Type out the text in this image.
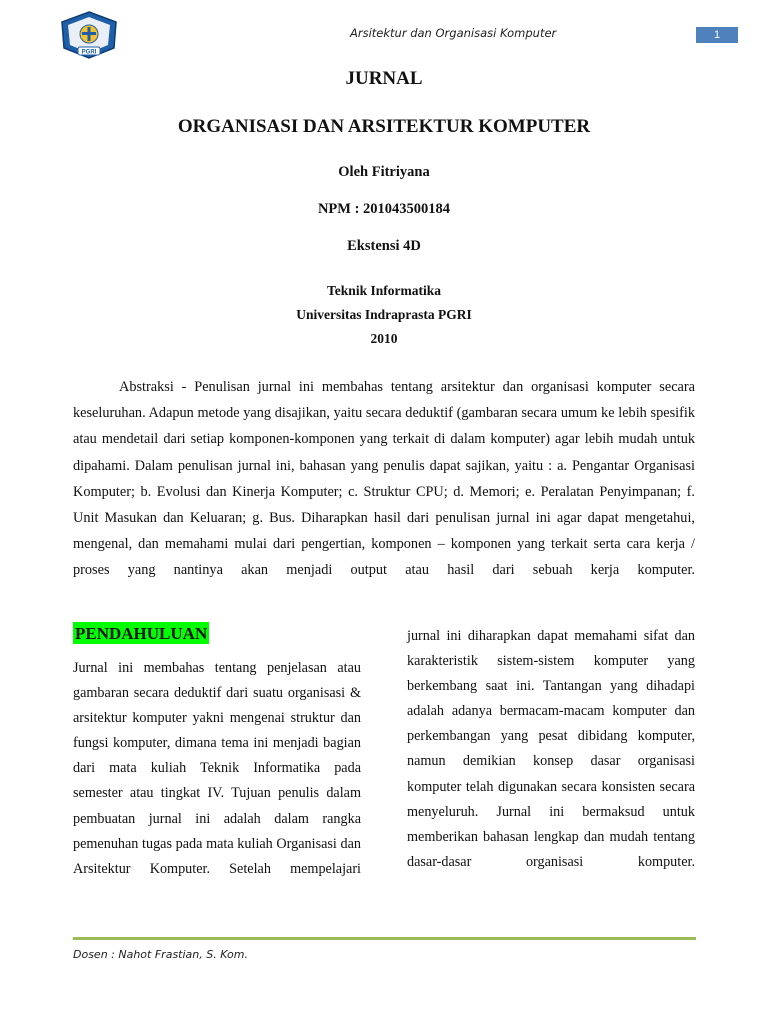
PGRI
Arsitektur dan Organisasi Komputer	1
JURNAL
ORGANISASI DAN ARSITEKTUR KOMPUTER
Oleh Fitriyana
NPM : 201043500184
Ekstensi 4D
Teknik Informatika
Universitas Indraprasta PGRI
2010

Abstraksi - Penulisan jurnal ini membahas tentang arsitektur dan organisasi komputer secara keseluruhan. Adapun metode yang disajikan, yaitu secara deduktif (gambaran secara umum ke lebih spesifik atau mendetail dari setiap komponen-komponen yang terkait di dalam komputer) agar lebih mudah untuk dipahami. Dalam penulisan jurnal ini, bahasan yang penulis dapat sajikan, yaitu : a. Pengantar Organisasi Komputer; b. Evolusi dan Kinerja Komputer; c. Struktur CPU; d. Memori; e. Peralatan Penyimpanan; f. Unit Masukan dan Keluaran; g. Bus. Diharapkan hasil dari penulisan jurnal ini agar dapat mengetahui, mengenal, dan memahami mulai dari pengertian, komponen – komponen yang terkait serta cara kerja / proses yang nantinya akan menjadi output atau hasil dari sebuah kerja komputer.

PENDAHULUAN

Jurnal ini membahas tentang penjelasan atau gambaran secara deduktif dari suatu organisasi & arsitektur komputer yakni mengenai struktur dan fungsi komputer, dimana tema ini menjadi bagian dari mata kuliah Teknik Informatika pada semester atau tingkat IV. Tujuan penulis dalam pembuatan jurnal ini adalah dalam rangka pemenuhan tugas pada mata kuliah Organisasi dan Arsitektur Komputer. Setelah mempelajari

jurnal ini diharapkan dapat memahami sifat dan karakteristik sistem-sistem komputer yang berkembang saat ini. Tantangan yang dihadapi adalah adanya bermacam-macam komputer dan perkembangan yang pesat dibidang komputer, namun demikian konsep dasar organisasi komputer telah digunakan secara konsisten secara menyeluruh. Jurnal ini bermaksud untuk memberikan bahasan lengkap dan mudah tentang dasar-dasar organisasi komputer.

Dosen : Nahot Frastian, S. Kom.
